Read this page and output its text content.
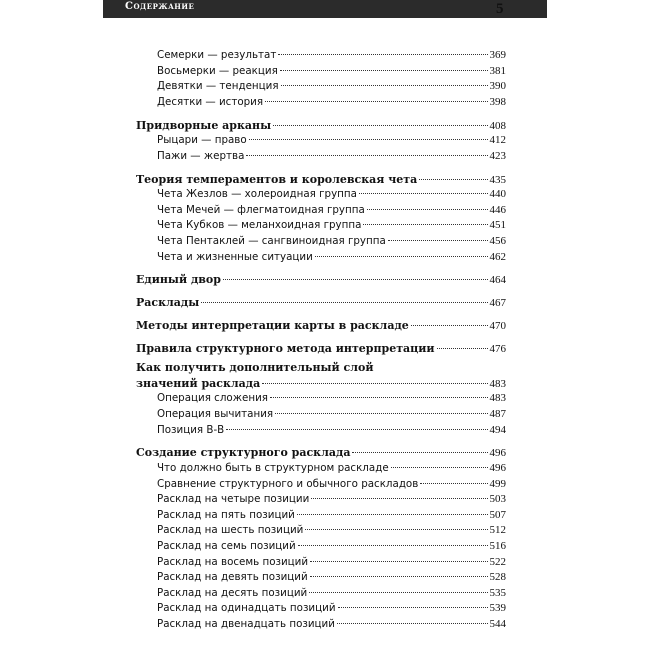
Содержание	5
Семерки — результат	369
Восьмерки — реакция	381
Девятки — тенденция	390
Десятки — история	398
Придворные арканы	408
Рыцари — право	412
Пажи — жертва	423
Теория темпераментов и королевская чета	435
Чета Жезлов — холероидная группа	440
Чета Мечей — флегматоидная группа	446
Чета Кубков — меланхоидная группа	451
Чета Пентаклей — сангвиноидная группа	456
Чета и жизненные ситуации	462
Единый двор	464
Расклады	467
Методы интерпретации карты в раскладе	470
Правила структурного метода интерпретации	476
Как получить дополнительный слой
значений расклада	483
Операция сложения	483
Операция вычитания	487
Позиция В-В	494
Создание структурного расклада	496
Что должно быть в структурном раскладе	496
Сравнение структурного и обычного раскладов	499
Расклад на четыре позиции	503
Расклад на пять позиций	507
Расклад на шесть позиций	512
Расклад на семь позиций	516
Расклад на восемь позиций	522
Расклад на девять позиций	528
Расклад на десять позиций	535
Расклад на одинадцать позиций	539
Расклад на двенадцать позиций	544
